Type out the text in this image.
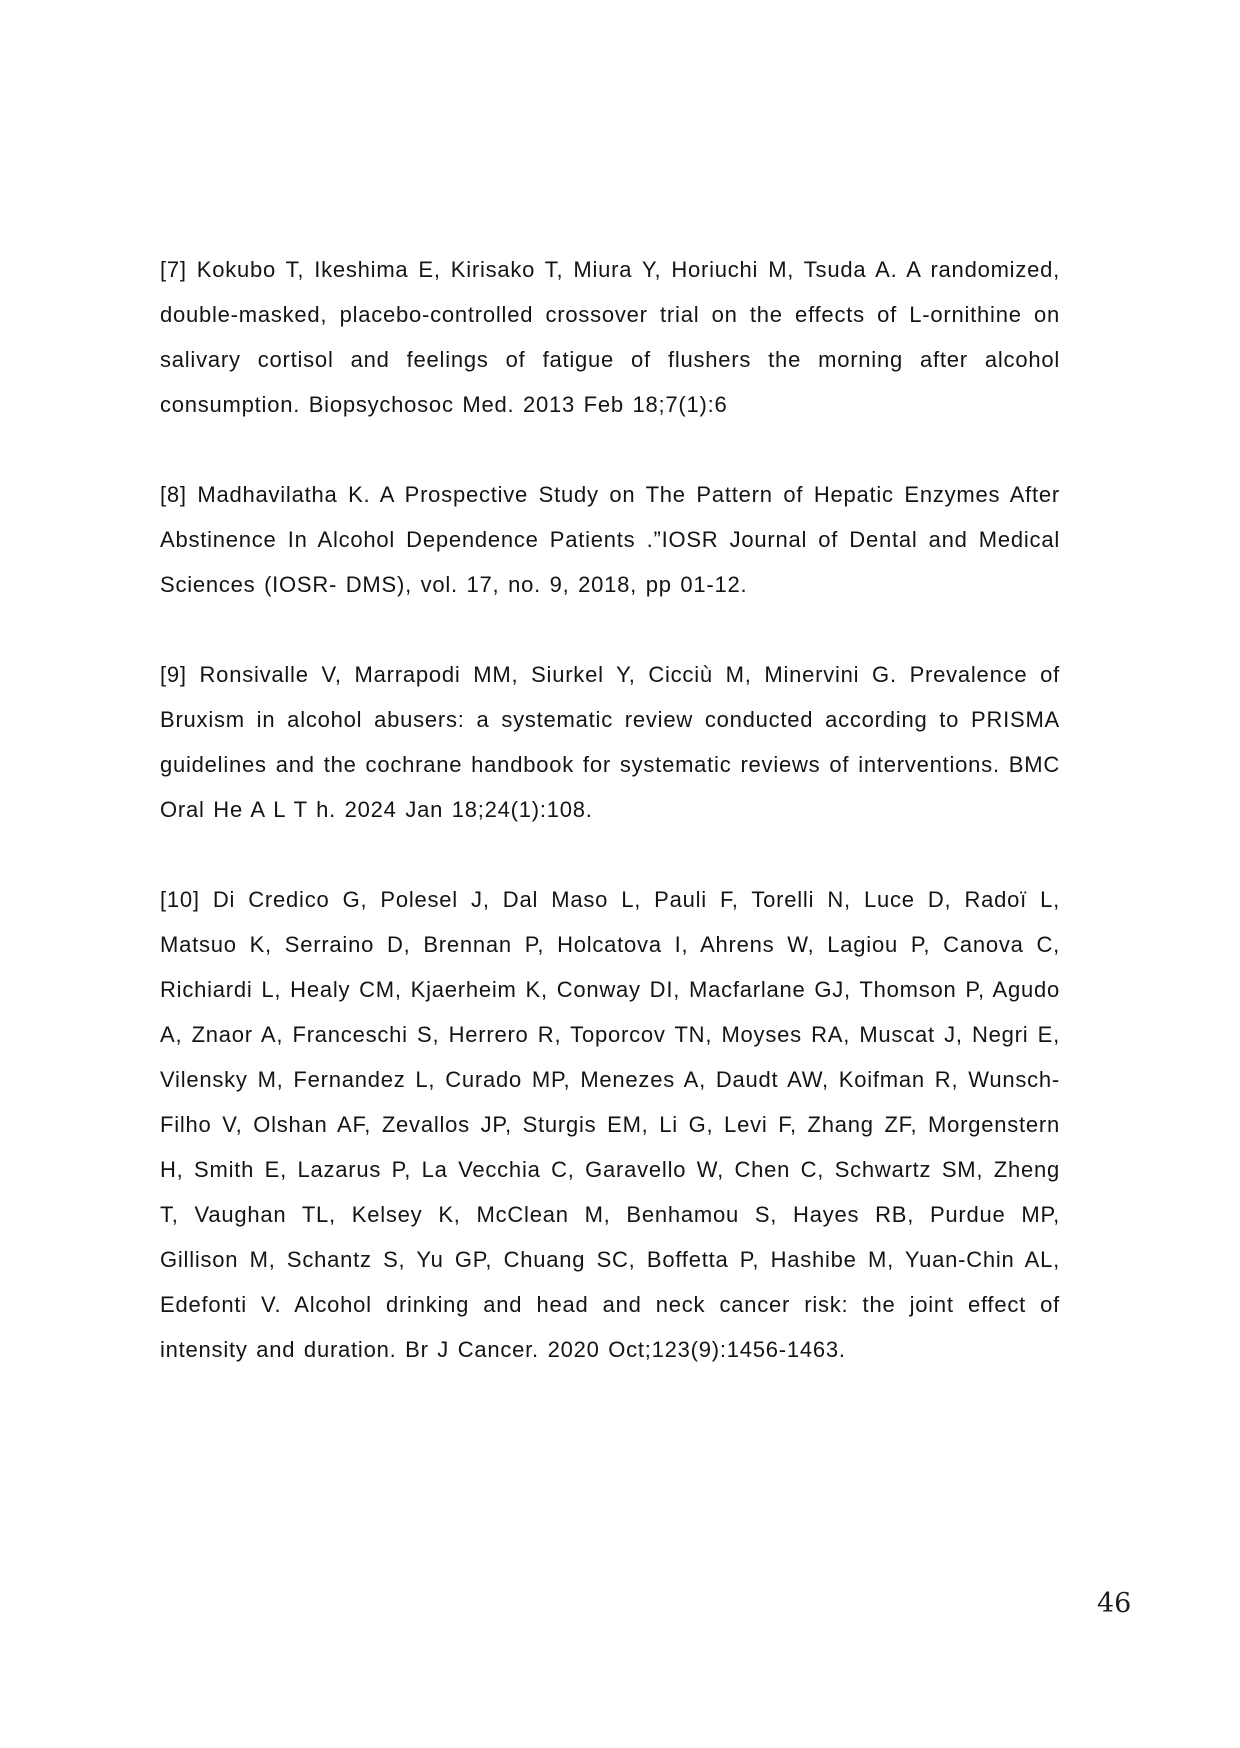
[7] Kokubo T, Ikeshima E, Kirisako T, Miura Y, Horiuchi M, Tsuda A. A randomized, double-masked, placebo-controlled crossover trial on the effects of L-ornithine on salivary cortisol and feelings of fatigue of flushers the morning after alcohol consumption. Biopsychosoc Med. 2013 Feb 18;7(1):6

[8] Madhavilatha K. A Prospective Study on The Pattern of Hepatic Enzymes After Abstinence In Alcohol Dependence Patients .”IOSR Journal of Dental and Medical Sciences (IOSR- DMS), vol. 17, no. 9, 2018, pp 01-12.

[9] Ronsivalle V, Marrapodi MM, Siurkel Y, Cicciù M, Minervini G. Prevalence of Bruxism in alcohol abusers: a systematic review conducted according to PRISMA guidelines and the cochrane handbook for systematic reviews of interventions. BMC Oral He A L T h. 2024 Jan 18;24(1):108.

[10] Di Credico G, Polesel J, Dal Maso L, Pauli F, Torelli N, Luce D, Radoï L, Matsuo K, Serraino D, Brennan P, Holcatova I, Ahrens W, Lagiou P, Canova C, Richiardi L, Healy CM, Kjaerheim K, Conway DI, Macfarlane GJ, Thomson P, Agudo A, Znaor A, Franceschi S, Herrero R, Toporcov TN, Moyses RA, Muscat J, Negri E, Vilensky M, Fernandez L, Curado MP, Menezes A, Daudt AW, Koifman R, Wunsch-Filho V, Olshan AF, Zevallos JP, Sturgis EM, Li G, Levi F, Zhang ZF, Morgenstern H, Smith E, Lazarus P, La Vecchia C, Garavello W, Chen C, Schwartz SM, Zheng T, Vaughan TL, Kelsey K, McClean M, Benhamou S, Hayes RB, Purdue MP, Gillison M, Schantz S, Yu GP, Chuang SC, Boffetta P, Hashibe M, Yuan-Chin AL, Edefonti V. Alcohol drinking and head and neck cancer risk: the joint effect of intensity and duration. Br J Cancer. 2020 Oct;123(9):1456-1463.

46
